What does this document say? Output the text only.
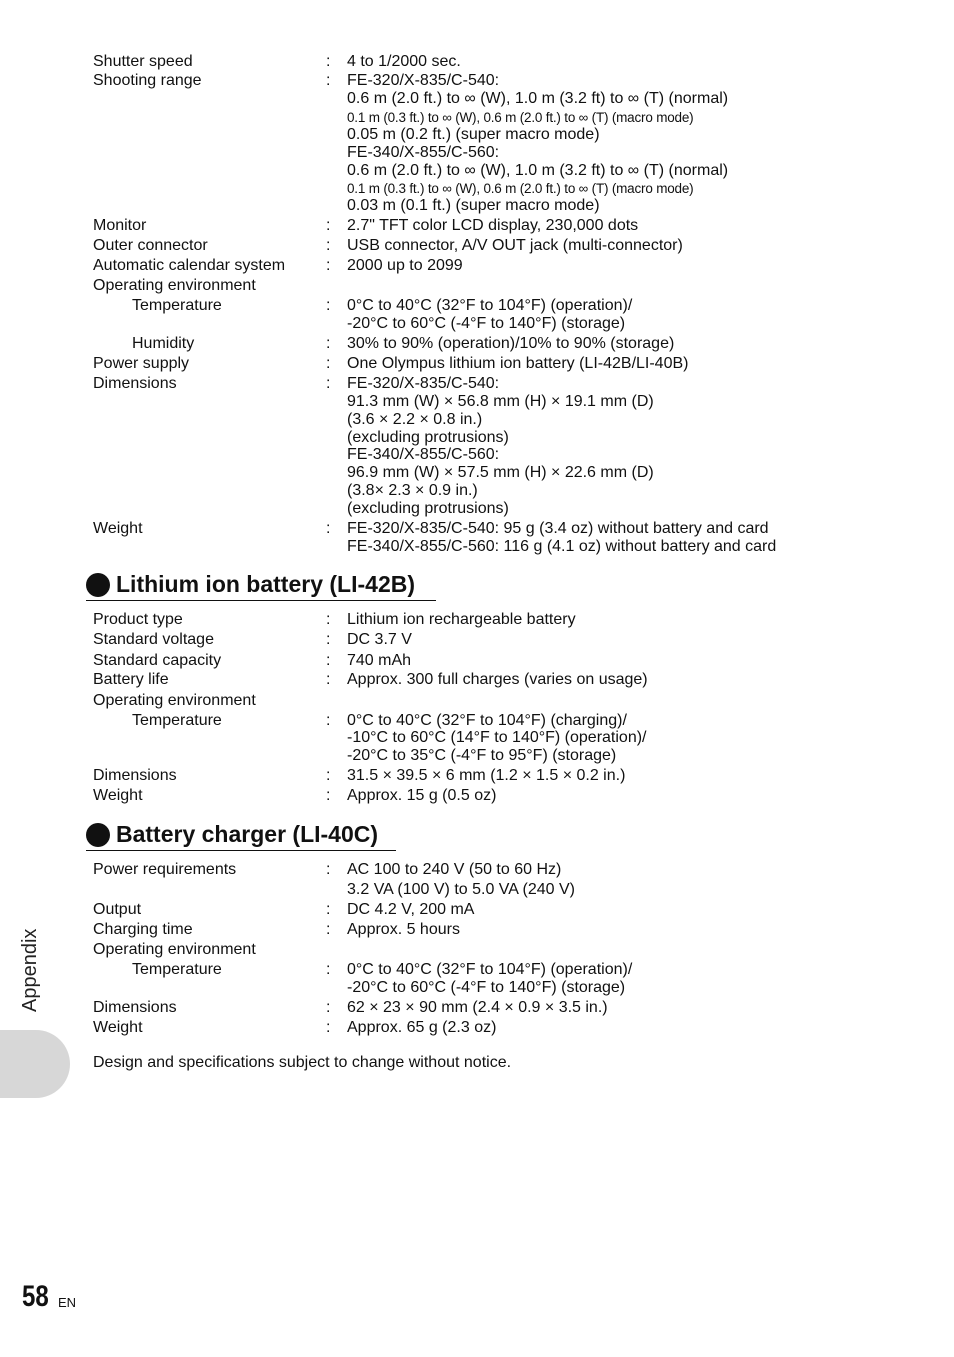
Shutter speed	: 4 to 1/2000 sec.
Shooting range	: FE-320/X-835/C-540:
0.6 m (2.0 ft.) to ∞ (W), 1.0 m (3.2 ft) to ∞ (T) (normal)
0.1 m (0.3 ft.) to ∞ (W), 0.6 m (2.0 ft.) to ∞ (T) (macro mode)
0.05 m (0.2 ft.) (super macro mode)
FE-340/X-855/C-560:
0.6 m (2.0 ft.) to ∞ (W), 1.0 m (3.2 ft) to ∞ (T) (normal)
0.1 m (0.3 ft.) to ∞ (W), 0.6 m (2.0 ft.) to ∞ (T) (macro mode)
0.03 m (0.1 ft.) (super macro mode)
Monitor	: 2.7" TFT color LCD display, 230,000 dots
Outer connector	: USB connector, A/V OUT jack (multi-connector)
Automatic calendar system	: 2000 up to 2099
Operating environment
Temperature	: 0°C to 40°C (32°F to 104°F) (operation)/
-20°C to 60°C (-4°F to 140°F) (storage)
Humidity	: 30% to 90% (operation)/10% to 90% (storage)
Power supply	: One Olympus lithium ion battery (LI-42B/LI-40B)
Dimensions	: FE-320/X-835/C-540:
91.3 mm (W) × 56.8 mm (H) × 19.1 mm (D)
(3.6 × 2.2 × 0.8 in.)
(excluding protrusions)
FE-340/X-855/C-560:
96.9 mm (W) × 57.5 mm (H) × 22.6 mm (D)
(3.8× 2.3 × 0.9 in.)
(excluding protrusions)
Weight	: FE-320/X-835/C-540: 95 g (3.4 oz) without battery and card
FE-340/X-855/C-560: 116 g (4.1 oz) without battery and card
Lithium ion battery (LI-42B)
Product type	: Lithium ion rechargeable battery
Standard voltage	: DC 3.7 V
Standard capacity	: 740 mAh
Battery life	: Approx. 300 full charges (varies on usage)
Operating environment
Temperature	: 0°C to 40°C (32°F to 104°F) (charging)/
-10°C to 60°C (14°F to 140°F) (operation)/
-20°C to 35°C (-4°F to 95°F) (storage)
Dimensions	: 31.5 × 39.5 × 6 mm (1.2 × 1.5 × 0.2 in.)
Weight	: Approx. 15 g (0.5 oz)
Battery charger (LI-40C)
Power requirements	: AC 100 to 240 V (50 to 60 Hz)
3.2 VA (100 V) to 5.0 VA (240 V)
Output	: DC 4.2 V, 200 mA
Charging time	: Approx. 5 hours
Operating environment
Temperature	: 0°C to 40°C (32°F to 104°F) (operation)/
-20°C to 60°C (-4°F to 140°F) (storage)
Dimensions	: 62 × 23 × 90 mm (2.4 × 0.9 × 3.5 in.)
Weight	: Approx. 65 g (2.3 oz)
Design and specifications subject to change without notice.
Appendix
58 EN
